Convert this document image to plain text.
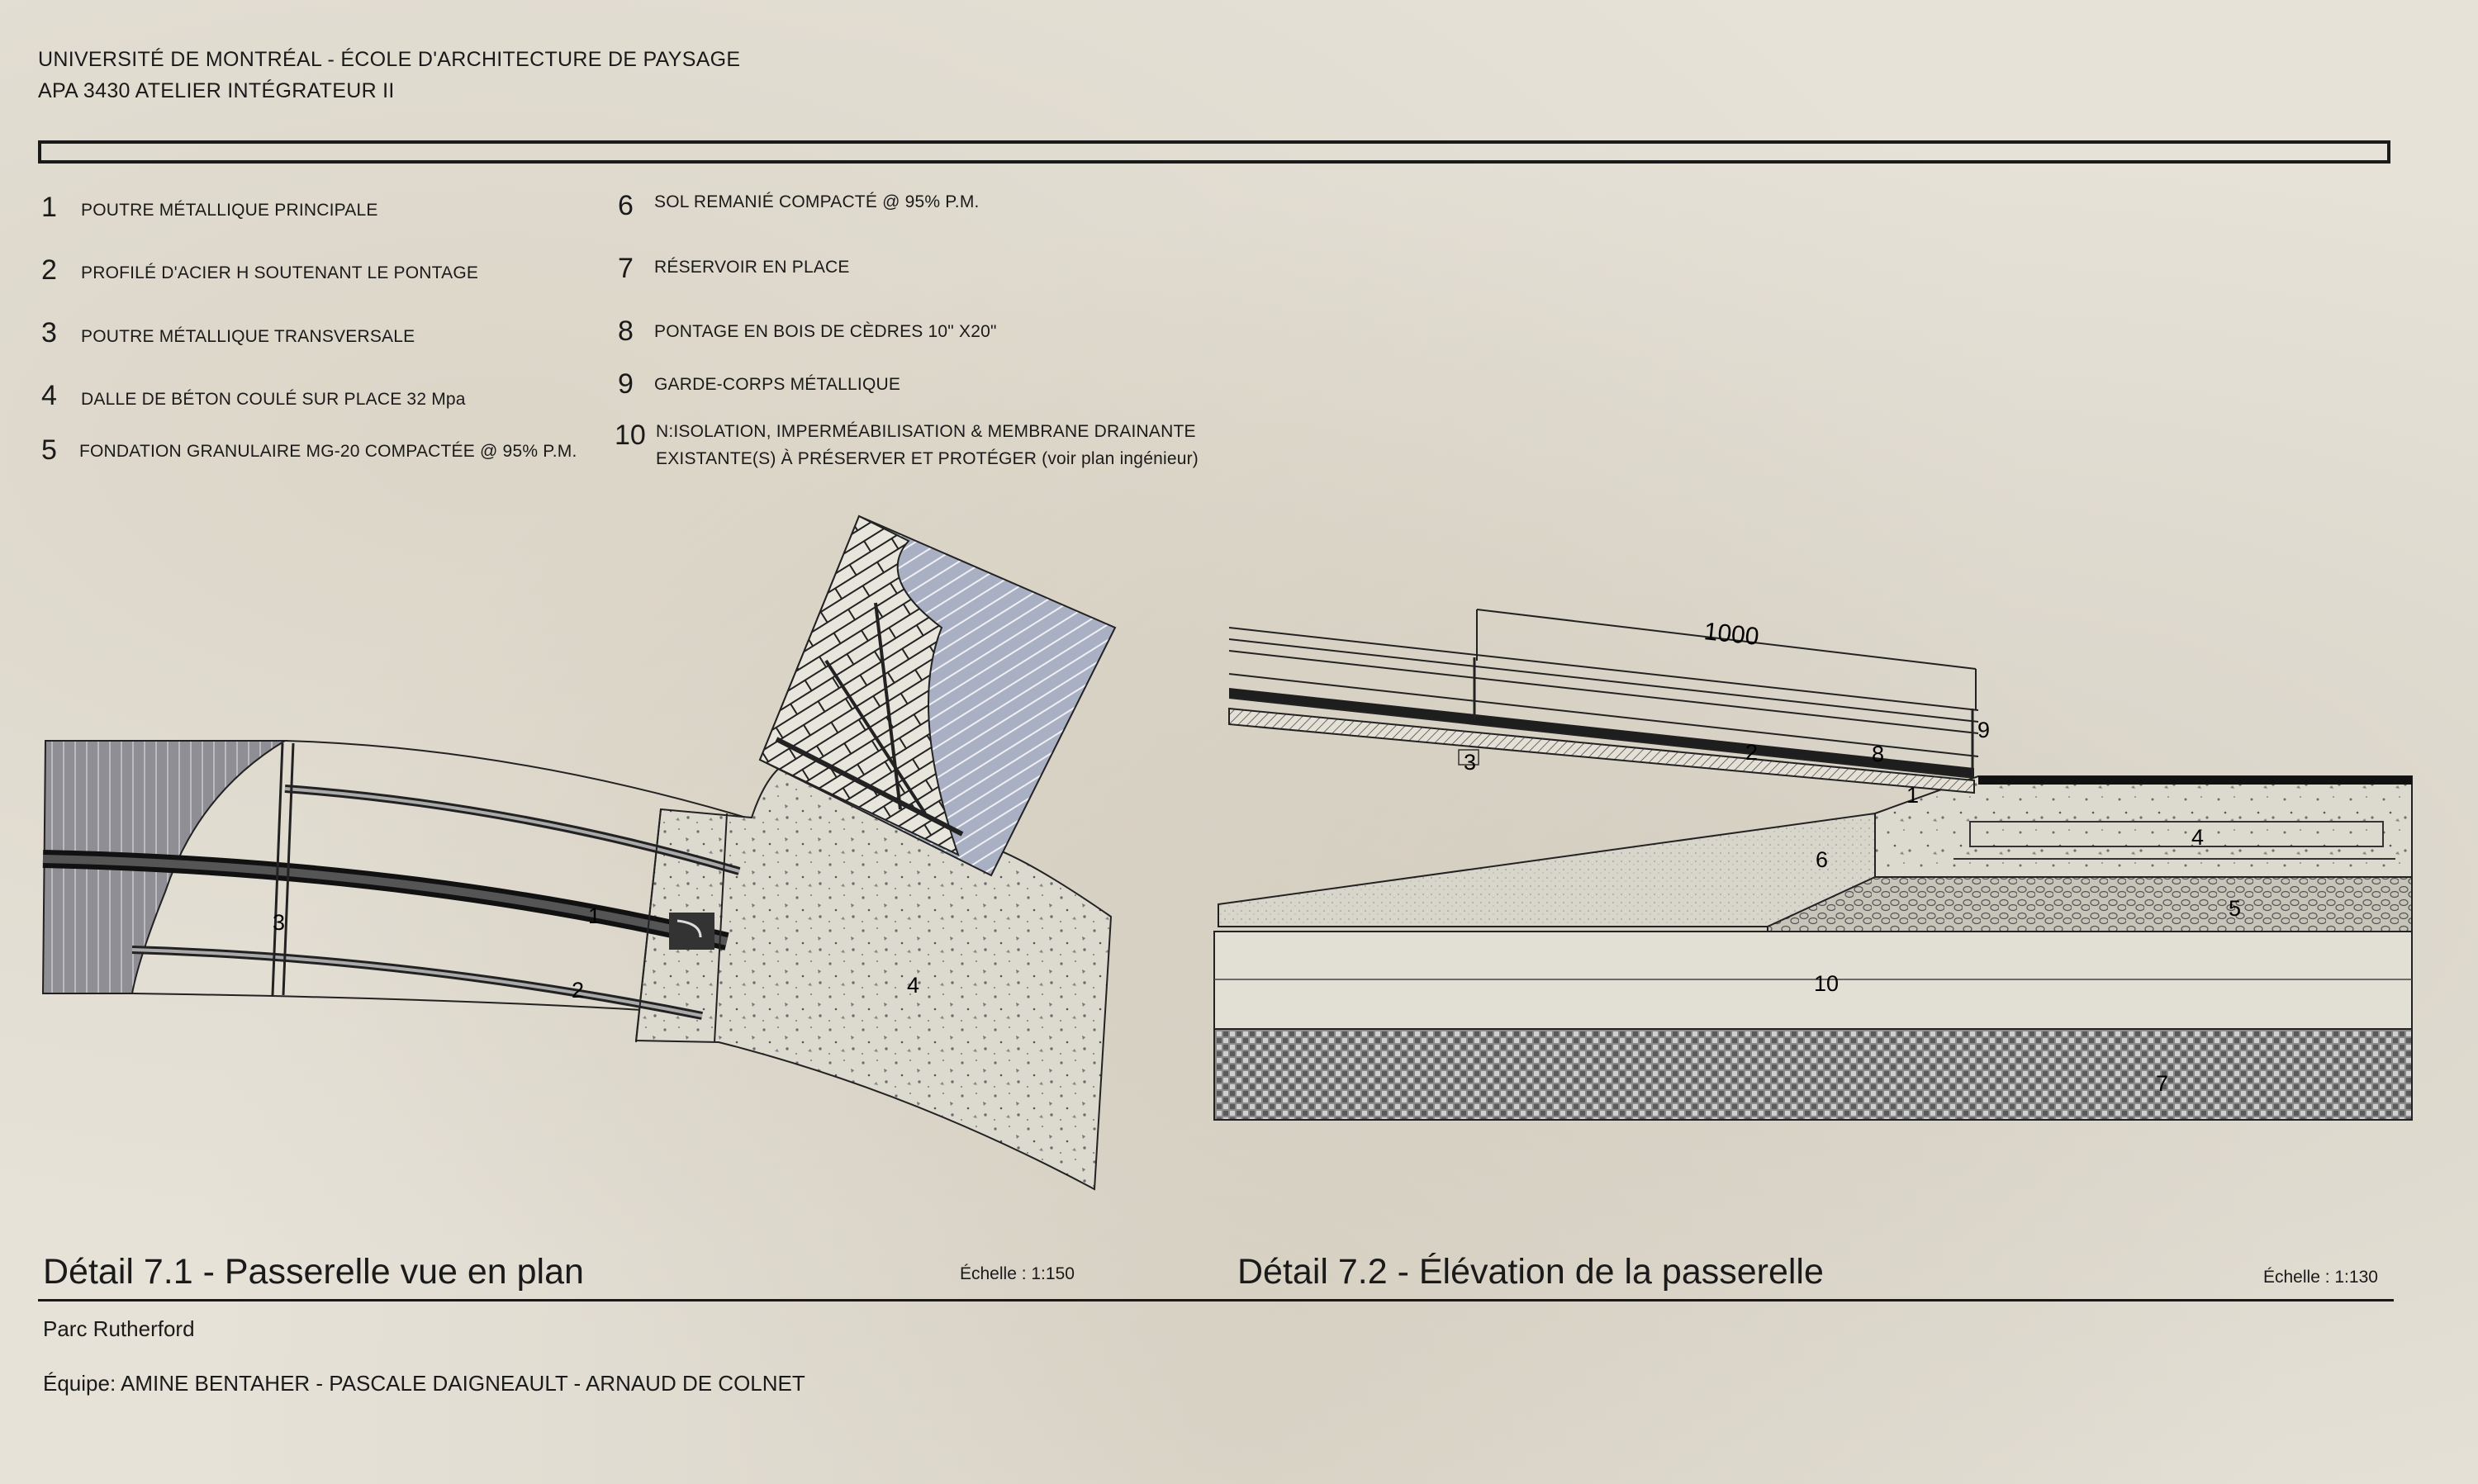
UNIVERSITÉ DE MONTRÉAL - ÉCOLE D'ARCHITECTURE DE PAYSAGE
APA 3430 ATELIER INTÉGRATEUR II
1 POUTRE MÉTALLIQUE PRINCIPALE
2 PROFILÉ D'ACIER H SOUTENANT LE PONTAGE
3 POUTRE MÉTALLIQUE TRANSVERSALE
4 DALLE DE BÉTON COULÉ SUR PLACE 32 Mpa
5 FONDATION GRANULAIRE MG-20 COMPACTÉE @ 95% P.M.
6 SOL REMANIÉ COMPACTÉ @ 95% P.M.
7 RÉSERVOIR EN PLACE
8 PONTAGE EN BOIS DE CÈDRES 10" X20"
9 GARDE-CORPS MÉTALLIQUE
10 N:ISOLATION, IMPERMÉABILISATION & MEMBRANE DRAINANTE
EXISTANTE(S) À PRÉSERVER ET PROTÉGER (voir plan ingénieur)
1
2
3
4
1000
1
2
3
4
5
6
7
8
9
10
Détail 7.1 - Passerelle vue en plan	Échelle : 1:150	Détail 7.2 - Élévation de la passerelle	Échelle : 1:130
Parc Rutherford
Équipe: AMINE BENTAHER - PASCALE DAIGNEAULT - ARNAUD DE COLNET
